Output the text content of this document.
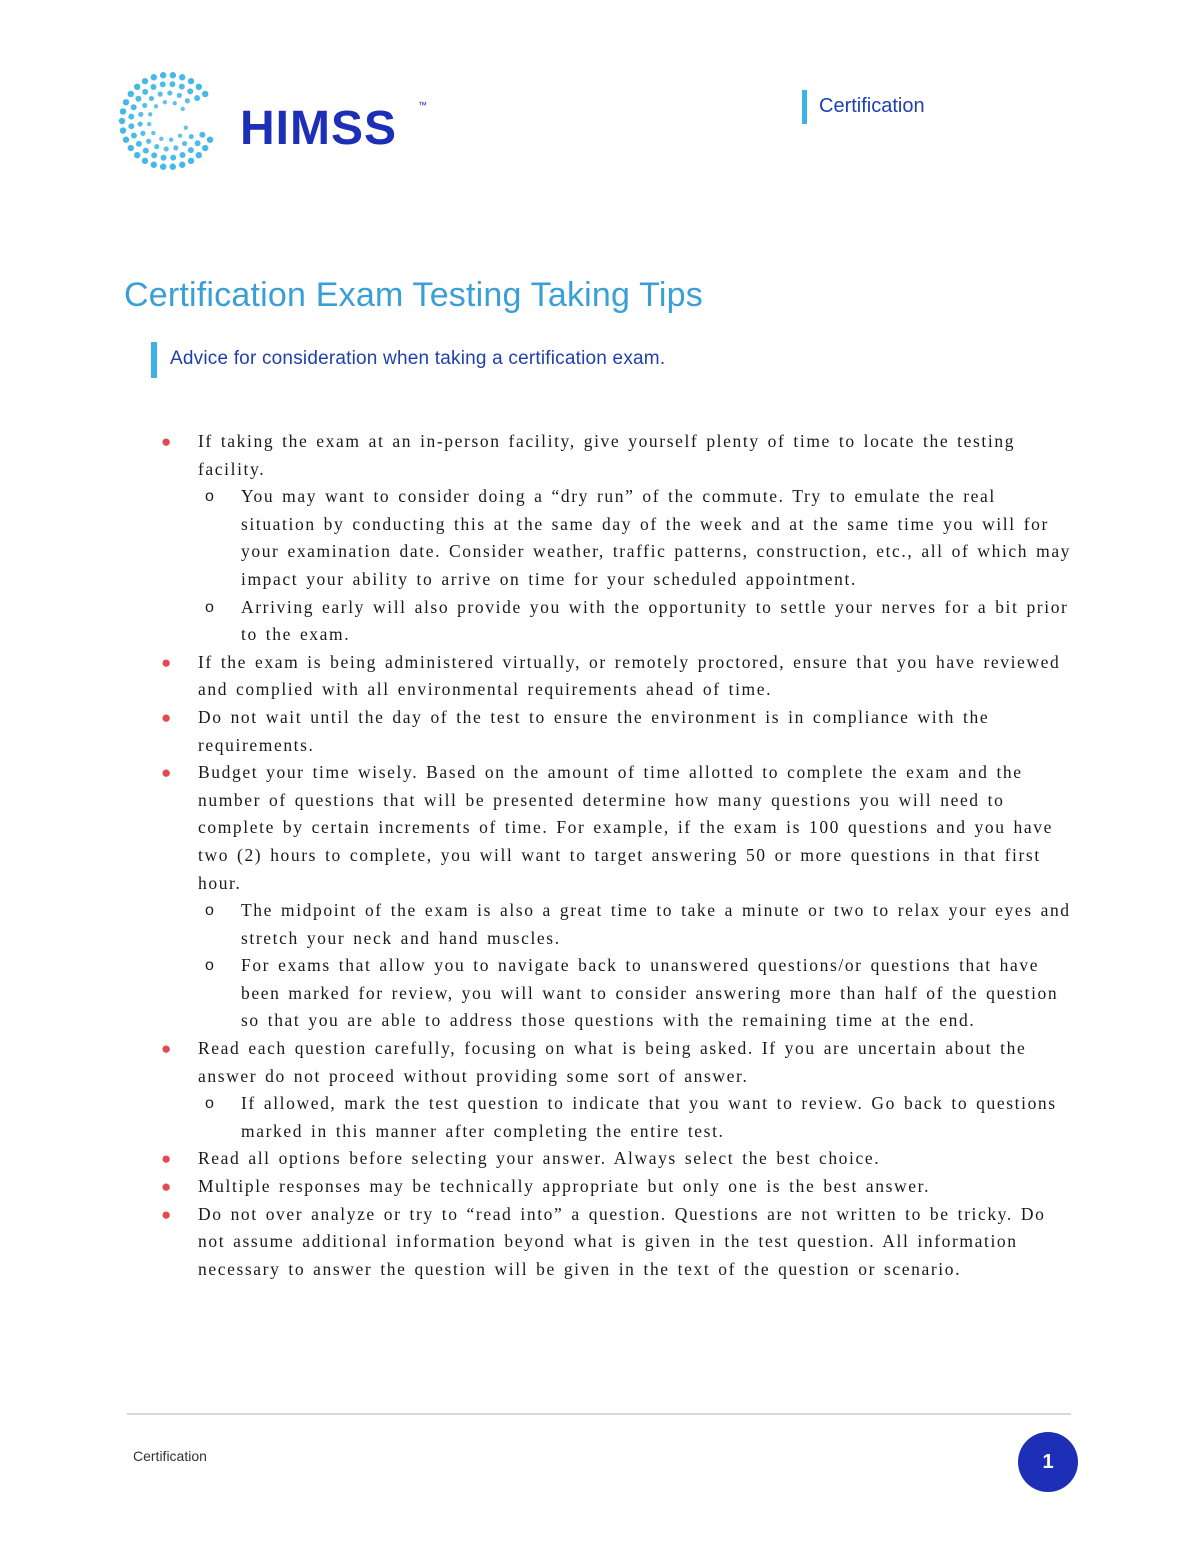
HIMSS ™	Certification
Certification Exam Testing Taking Tips
Advice for consideration when taking a certification exam.
● If taking the exam at an in-person facility, give yourself plenty of time to locate the testing facility.
o You may want to consider doing a “dry run” of the commute. Try to emulate the real situation by conducting this at the same day of the week and at the same time you will for your examination date. Consider weather, traffic patterns, construction, etc., all of which may impact your ability to arrive on time for your scheduled appointment.
o Arriving early will also provide you with the opportunity to settle your nerves for a bit prior to the exam.
● If the exam is being administered virtually, or remotely proctored, ensure that you have reviewed and complied with all environmental requirements ahead of time.
● Do not wait until the day of the test to ensure the environment is in compliance with the requirements.
● Budget your time wisely. Based on the amount of time allotted to complete the exam and the number of questions that will be presented determine how many questions you will need to complete by certain increments of time. For example, if the exam is 100 questions and you have two (2) hours to complete, you will want to target answering 50 or more questions in that first hour.
o The midpoint of the exam is also a great time to take a minute or two to relax your eyes and stretch your neck and hand muscles.
o For exams that allow you to navigate back to unanswered questions/or questions that have been marked for review, you will want to consider answering more than half of the question so that you are able to address those questions with the remaining time at the end.
● Read each question carefully, focusing on what is being asked. If you are uncertain about the answer do not proceed without providing some sort of answer.
o If allowed, mark the test question to indicate that you want to review. Go back to questions marked in this manner after completing the entire test.
● Read all options before selecting your answer. Always select the best choice.
● Multiple responses may be technically appropriate but only one is the best answer.
● Do not over analyze or try to “read into” a question. Questions are not written to be tricky. Do not assume additional information beyond what is given in the test question. All information necessary to answer the question will be given in the text of the question or scenario.
Certification	1
